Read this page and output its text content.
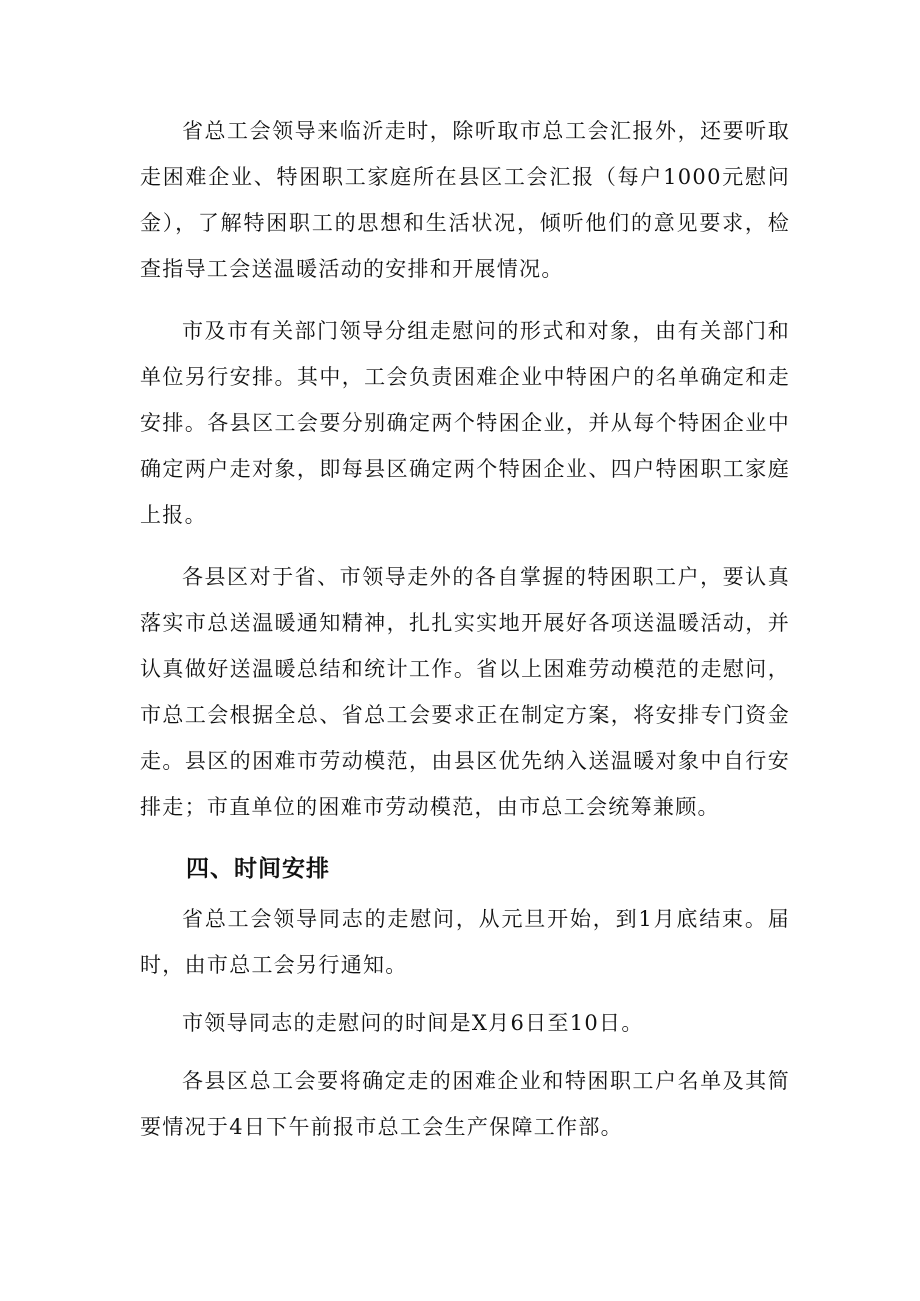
省总工会领导来临沂走时，除听取市总工会汇报外，还要听取走困难企业、特困职工家庭所在县区工会汇报（每户1000元慰问金），了解特困职工的思想和生活状况，倾听他们的意见要求，检查指导工会送温暖活动的安排和开展情况。

市及市有关部门领导分组走慰问的形式和对象，由有关部门和单位另行安排。其中，工会负责困难企业中特困户的名单确定和走安排。各县区工会要分别确定两个特困企业，并从每个特困企业中确定两户走对象，即每县区确定两个特困企业、四户特困职工家庭上报。

各县区对于省、市领导走外的各自掌握的特困职工户，要认真落实市总送温暖通知精神，扎扎实实地开展好各项送温暖活动，并认真做好送温暖总结和统计工作。省以上困难劳动模范的走慰问，市总工会根据全总、省总工会要求正在制定方案，将安排专门资金走。县区的困难市劳动模范，由县区优先纳入送温暖对象中自行安排走；市直单位的困难市劳动模范，由市总工会统筹兼顾。

四、时间安排

省总工会领导同志的走慰问，从元旦开始，到1月底结束。届时，由市总工会另行通知。

市领导同志的走慰问的时间是X月6日至10日。

各县区总工会要将确定走的困难企业和特困职工户名单及其简要情况于4日下午前报市总工会生产保障工作部。
